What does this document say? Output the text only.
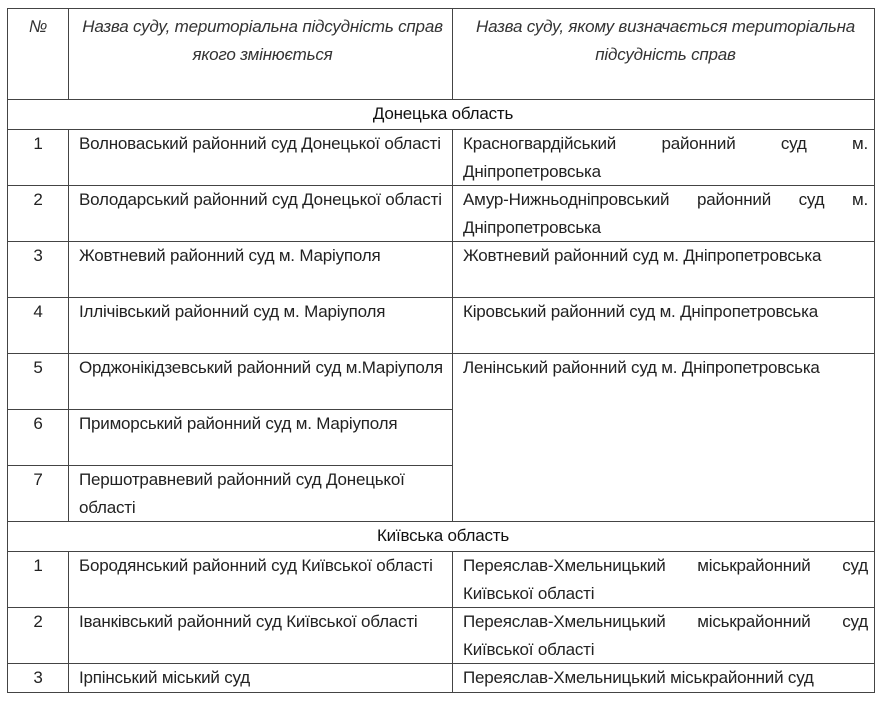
№	Назва суду, територіальна підсудність справ якого змінюється	Назва суду, якому визначається територіальна підсудність справ
Донецька область		
1	Волноваський районний суд Донецької області	Красногвардійський районний суд м. Дніпропетровська
2	Володарський районний суд Донецької області	Амур-Нижньодніпровський районний суд м. Дніпропетровська
3	Жовтневий районний суд м. Маріуполя	Жовтневий районний суд м. Дніпропетровська
4	Іллічівський районний суд м. Маріуполя	Кіровський районний суд м. Дніпропетровська
5	Орджонікідзевський районний суд м.Маріуполя	Ленінський районний суд м. Дніпропетровська
6	Приморський районний суд м. Маріуполя	
7	Першотравневий районний суд Донецької області	
Київська область		
1	Бородянський районний суд Київської області	Переяслав-Хмельницький міськрайонний суд Київської області
2	Іванківський районний суд Київської області	Переяслав-Хмельницький міськрайонний суд Київської області
3	Ірпінський міський суд	Переяслав-Хмельницький міськрайонний суд
